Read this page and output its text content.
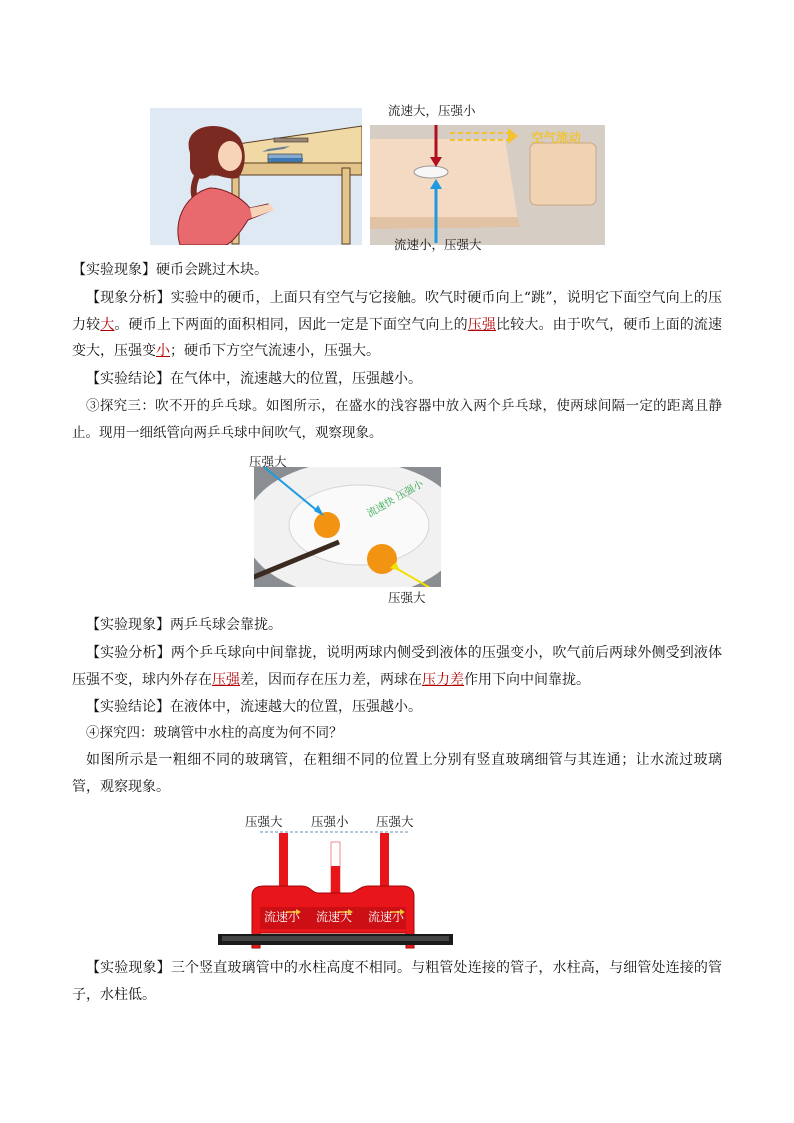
流速大，压强小
空气流动
流速小，压强大
【实验现象】硬币会跳过木块。
【现象分析】实验中的硬币，上面只有空气与它接触。吹气时硬币向上“跳”，说明它下面空气向上的压力较大。硬币上下两面的面积相同，因此一定是下面空气向上的压强比较大。由于吹气，硬币上面的流速变大，压强变小；硬币下方空气流速小，压强大。
【实验结论】在气体中，流速越大的位置，压强越小。
③探究三：吹不开的乒乓球。如图所示，在盛水的浅容器中放入两个乒乓球，使两球间隔一定的距离且静止。现用一细纸管向两乒乓球中间吹气，观察现象。
压强大
流速快 压强小
压强大
【实验现象】两乒乓球会靠拢。
【实验分析】两个乒乓球向中间靠拢，说明两球内侧受到液体的压强变小，吹气前后两球外侧受到液体压强不变，球内外存在压强差，因而存在压力差，两球在压力差作用下向中间靠拢。
【实验结论】在液体中，流速越大的位置，压强越小。
④探究四：玻璃管中水柱的高度为何不同？
如图所示是一粗细不同的玻璃管，在粗细不同的位置上分别有竖直玻璃细管与其连通；让水流过玻璃管，观察现象。
压强大 压强小 压强大
流速小 流速大 流速小
【实验现象】三个竖直玻璃管中的水柱高度不相同。与粗管处连接的管子，水柱高，与细管处连接的管子，水柱低。
